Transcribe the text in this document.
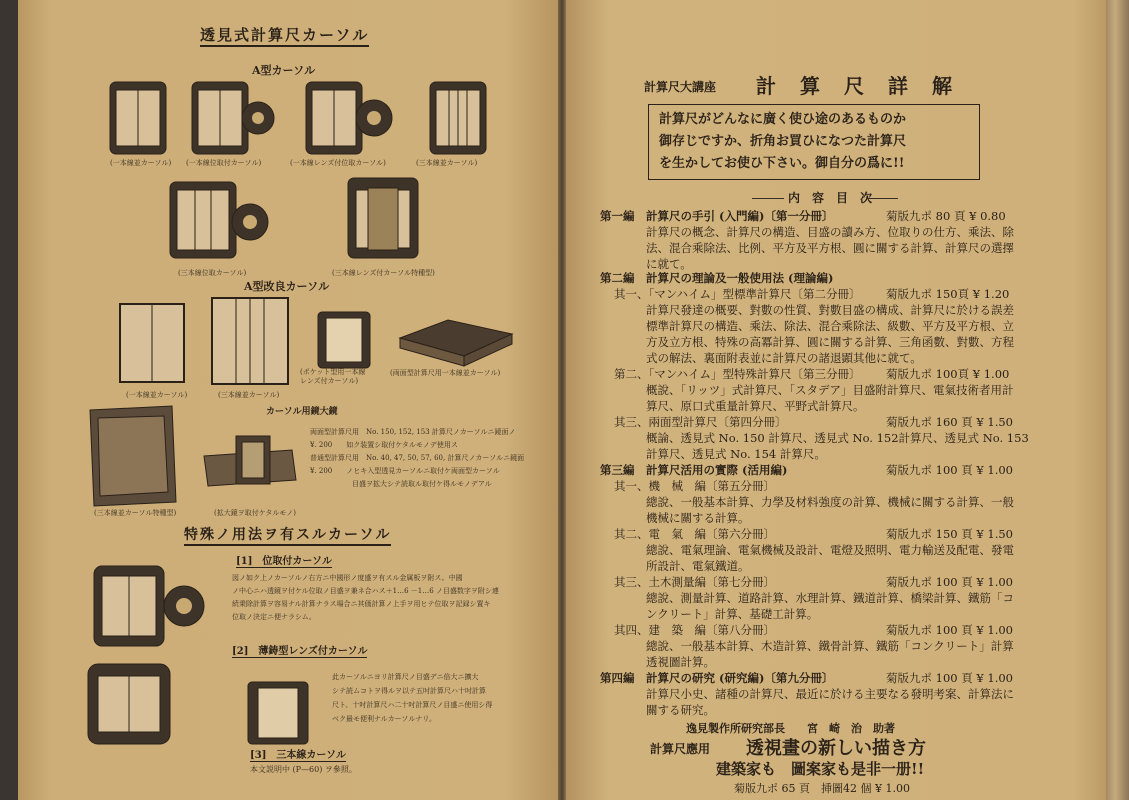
透見式計算尺カーソル
A型カーソル
(一本線並カーソル) (一本線位取付カーソル)	(一本線レンズ付位取カーソル)	(三本線並カーソル)
(三本線位取カーソル)	(三本線レンズ付カーソル特種型)
A型改良カーソル
(一本線並カーソル)	(三本線並カーソル)
(ポケット型用一本線 レンズ付カーソル)
(両面型計算尺用一本線並カーソル)
カーソル用鏡大鏡
(三本線並カーソル特種型)	(拡大鏡ヲ取付ケタルモノ)
両面型計算尺用　No. 150, 152, 153 計算尺ノカーソルニ鏡面ノ
¥. 200　　如ク装置シ取付ケタルモノデ使用ス
普通型計算尺用　No. 40, 47, 50, 57, 60, 計算尺ノカーソルニ鏡面
¥. 200　　ノヒキ入型透見カーソルニ取付ケ両面型カーソル
　　　　　　目盛ヲ拡大シテ読取ル取付ケ得ルモノデアル
特殊ノ用法ヲ有スルカーソル
[1]　位取付カーソル
図ノ如ク上ノカーソルノ右方ニ中國形ノ度盛ヲ有スル金属板ヲ附ス。中國
ノ中心ニハ透鏡ヲ付ケル位取ノ目盛ヲ兼ネ合ハス＋1…6 －1…6 ノ目盛数字ヲ附シ連
続乗除計算ヲ容易ナル計算ナラス場合ニ其価計算ノ上手ヲ用ヒテ位取ヲ記録シ置キ
位取ノ決定ニ便ナラシム。
[2]　薄鋳型レンズ付カーソル
此カーソルニヨリ計算尺ノ目盛デニ倍大ニ擴大
シテ読ムコトヲ得ルヲ以テ五吋計算尺ハ十吋計算
尺ト、十吋計算尺ハ二十吋計算尺ノ目盛ニ使用シ得
ベク最モ便利ナルカーソルナリ。
[3]　三本線カーソル
本文説明中 (P—60) ヲ參照。
計算尺大講座 計　算　尺　詳　解
計算尺がどんなに廣く使ひ途のあるものか
御存じですか、折角お買ひになつた計算尺
を生かしてお使ひ下さい。御自分の爲に!!
内　容　目　次
第一編　計算尺の手引 (入門編)〔第一分冊〕	菊版九ポ 80 頁 ¥ 0.80
計算尺の概念、計算尺の構造、目盛の讀み方、位取りの仕方、乘法、除
法、混合乘除法、比例、平方及平方根、圓に關する計算、計算尺の選擇
に就て。
第二編　計算尺の理論及一般使用法 (理論編)
其一、「マンハイム」型標準計算尺〔第二分冊〕 菊版九ポ 150頁 ¥ 1.20
計算尺發達の概要、對數の性質、對數目盛の構成、計算尺に於ける誤差
標準計算尺の構造、乘法、除法、混合乘除法、級數、平方及平方根、立
方及立方根、特殊の高冪計算、圓に關する計算、三角函數、對數、方程
式の解法、裏面附表並に計算尺の諸退顕其他に就て。
第二、「マンハイム」型特殊計算尺〔第三分冊〕 菊版九ポ 100頁 ¥ 1.00
概說、「リッツ」式計算尺、「スタデア」目盛附計算尺、電氣技術者用計
算尺、原口式重量計算尺、平野式計算尺。
其三、兩面型計算尺〔第四分冊〕	菊版九ポ 160 頁 ¥ 1.50
概論、透見式 No. 150 計算尺、透見式 No. 152計算尺、透見式 No. 153
計算尺、透見式 No. 154 計算尺。
第三編　計算尺活用の實際 (活用編)	菊版九ポ 100 頁 ¥ 1.00
其一、機　械　編〔第五分冊〕
總說、一般基本計算、力學及材料強度の計算、機械に關する計算、一般
機械に關する計算。
其二、電　氣　編〔第六分冊〕	菊版九ポ 150 頁 ¥ 1.50
總說、電氣理論、電氣機械及設計、電燈及照明、電力輸送及配電、發電
所設計、電氣鐵道。
其三、土木測量編〔第七分冊〕	菊版九ポ 100 頁 ¥ 1.00
總說、測量計算、道路計算、水理計算、鐵道計算、橋梁計算、鐵筋「コ
ンクリート」計算、基礎工計算。
其四、建　築　編〔第八分冊〕	菊版九ポ 100 頁 ¥ 1.00
總說、一般基本計算、木造計算、鐵骨計算、鐵筋「コンクリート」計算
透視圖計算。
第四編　計算尺の研究 (研究編)〔第九分冊〕	菊版九ポ 100 頁 ¥ 1.00
計算尺小史、諸種の計算尺、最近に於ける主要なる發明考案、計算法に
關する研究。
逸見製作所研究部長　　宮　崎　治　助著
計算尺應用 透視畫の新しい描き方
建築家も　圖案家も是非一册!!
菊版九ポ 65 頁　挿圖42 個 ¥ 1.00
